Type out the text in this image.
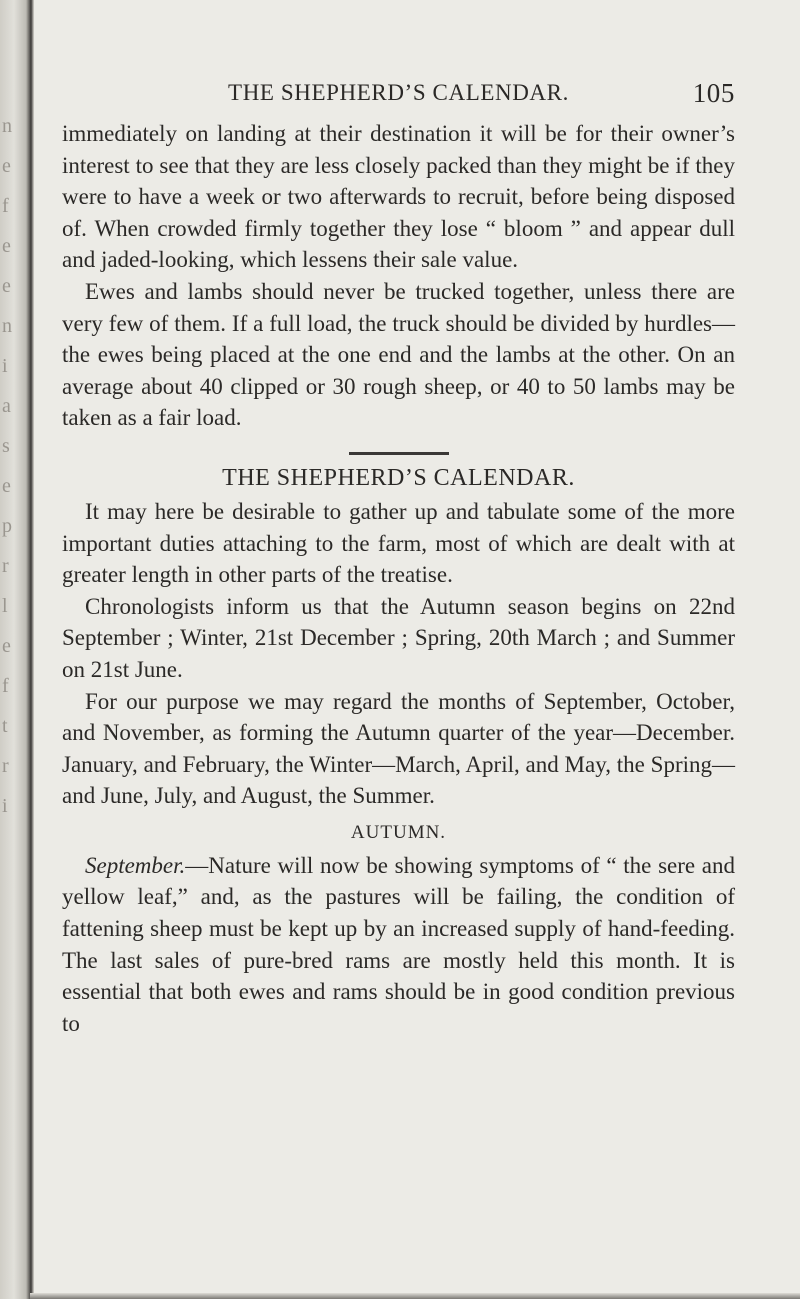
n
e
f
e
e
n
i
a
s
e
p
r
l
e
f
t
r
i
THE SHEPHERD’S CALENDAR.	105

immediately on landing at their destination it will be for their owner’s interest to see that they are less closely packed than they might be if they were to have a week or two afterwards to recruit, before being disposed of. When crowded firmly together they lose “ bloom ” and appear dull and jaded-looking, which lessens their sale value.

Ewes and lambs should never be trucked together, unless there are very few of them. If a full load, the truck should be divided by hurdles—the ewes being placed at the one end and the lambs at the other. On an average about 40 clipped or 30 rough sheep, or 40 to 50 lambs may be taken as a fair load.

THE SHEPHERD’S CALENDAR.

It may here be desirable to gather up and tabulate some of the more important duties attaching to the farm, most of which are dealt with at greater length in other parts of the treatise.

Chronologists inform us that the Autumn season begins on 22nd September ; Winter, 21st December ; Spring, 20th March ; and Summer on 21st June.

For our purpose we may regard the months of September, October, and November, as forming the Autumn quarter of the year—December. January, and February, the Winter—March, April, and May, the Spring—and June, July, and August, the Summer.

AUTUMN.

September.—Nature will now be showing symptoms of “ the sere and yellow leaf,” and, as the pastures will be failing, the condition of fattening sheep must be kept up by an increased supply of hand-feeding. The last sales of pure-bred rams are mostly held this month. It is essential that both ewes and rams should be in good condition previous to
